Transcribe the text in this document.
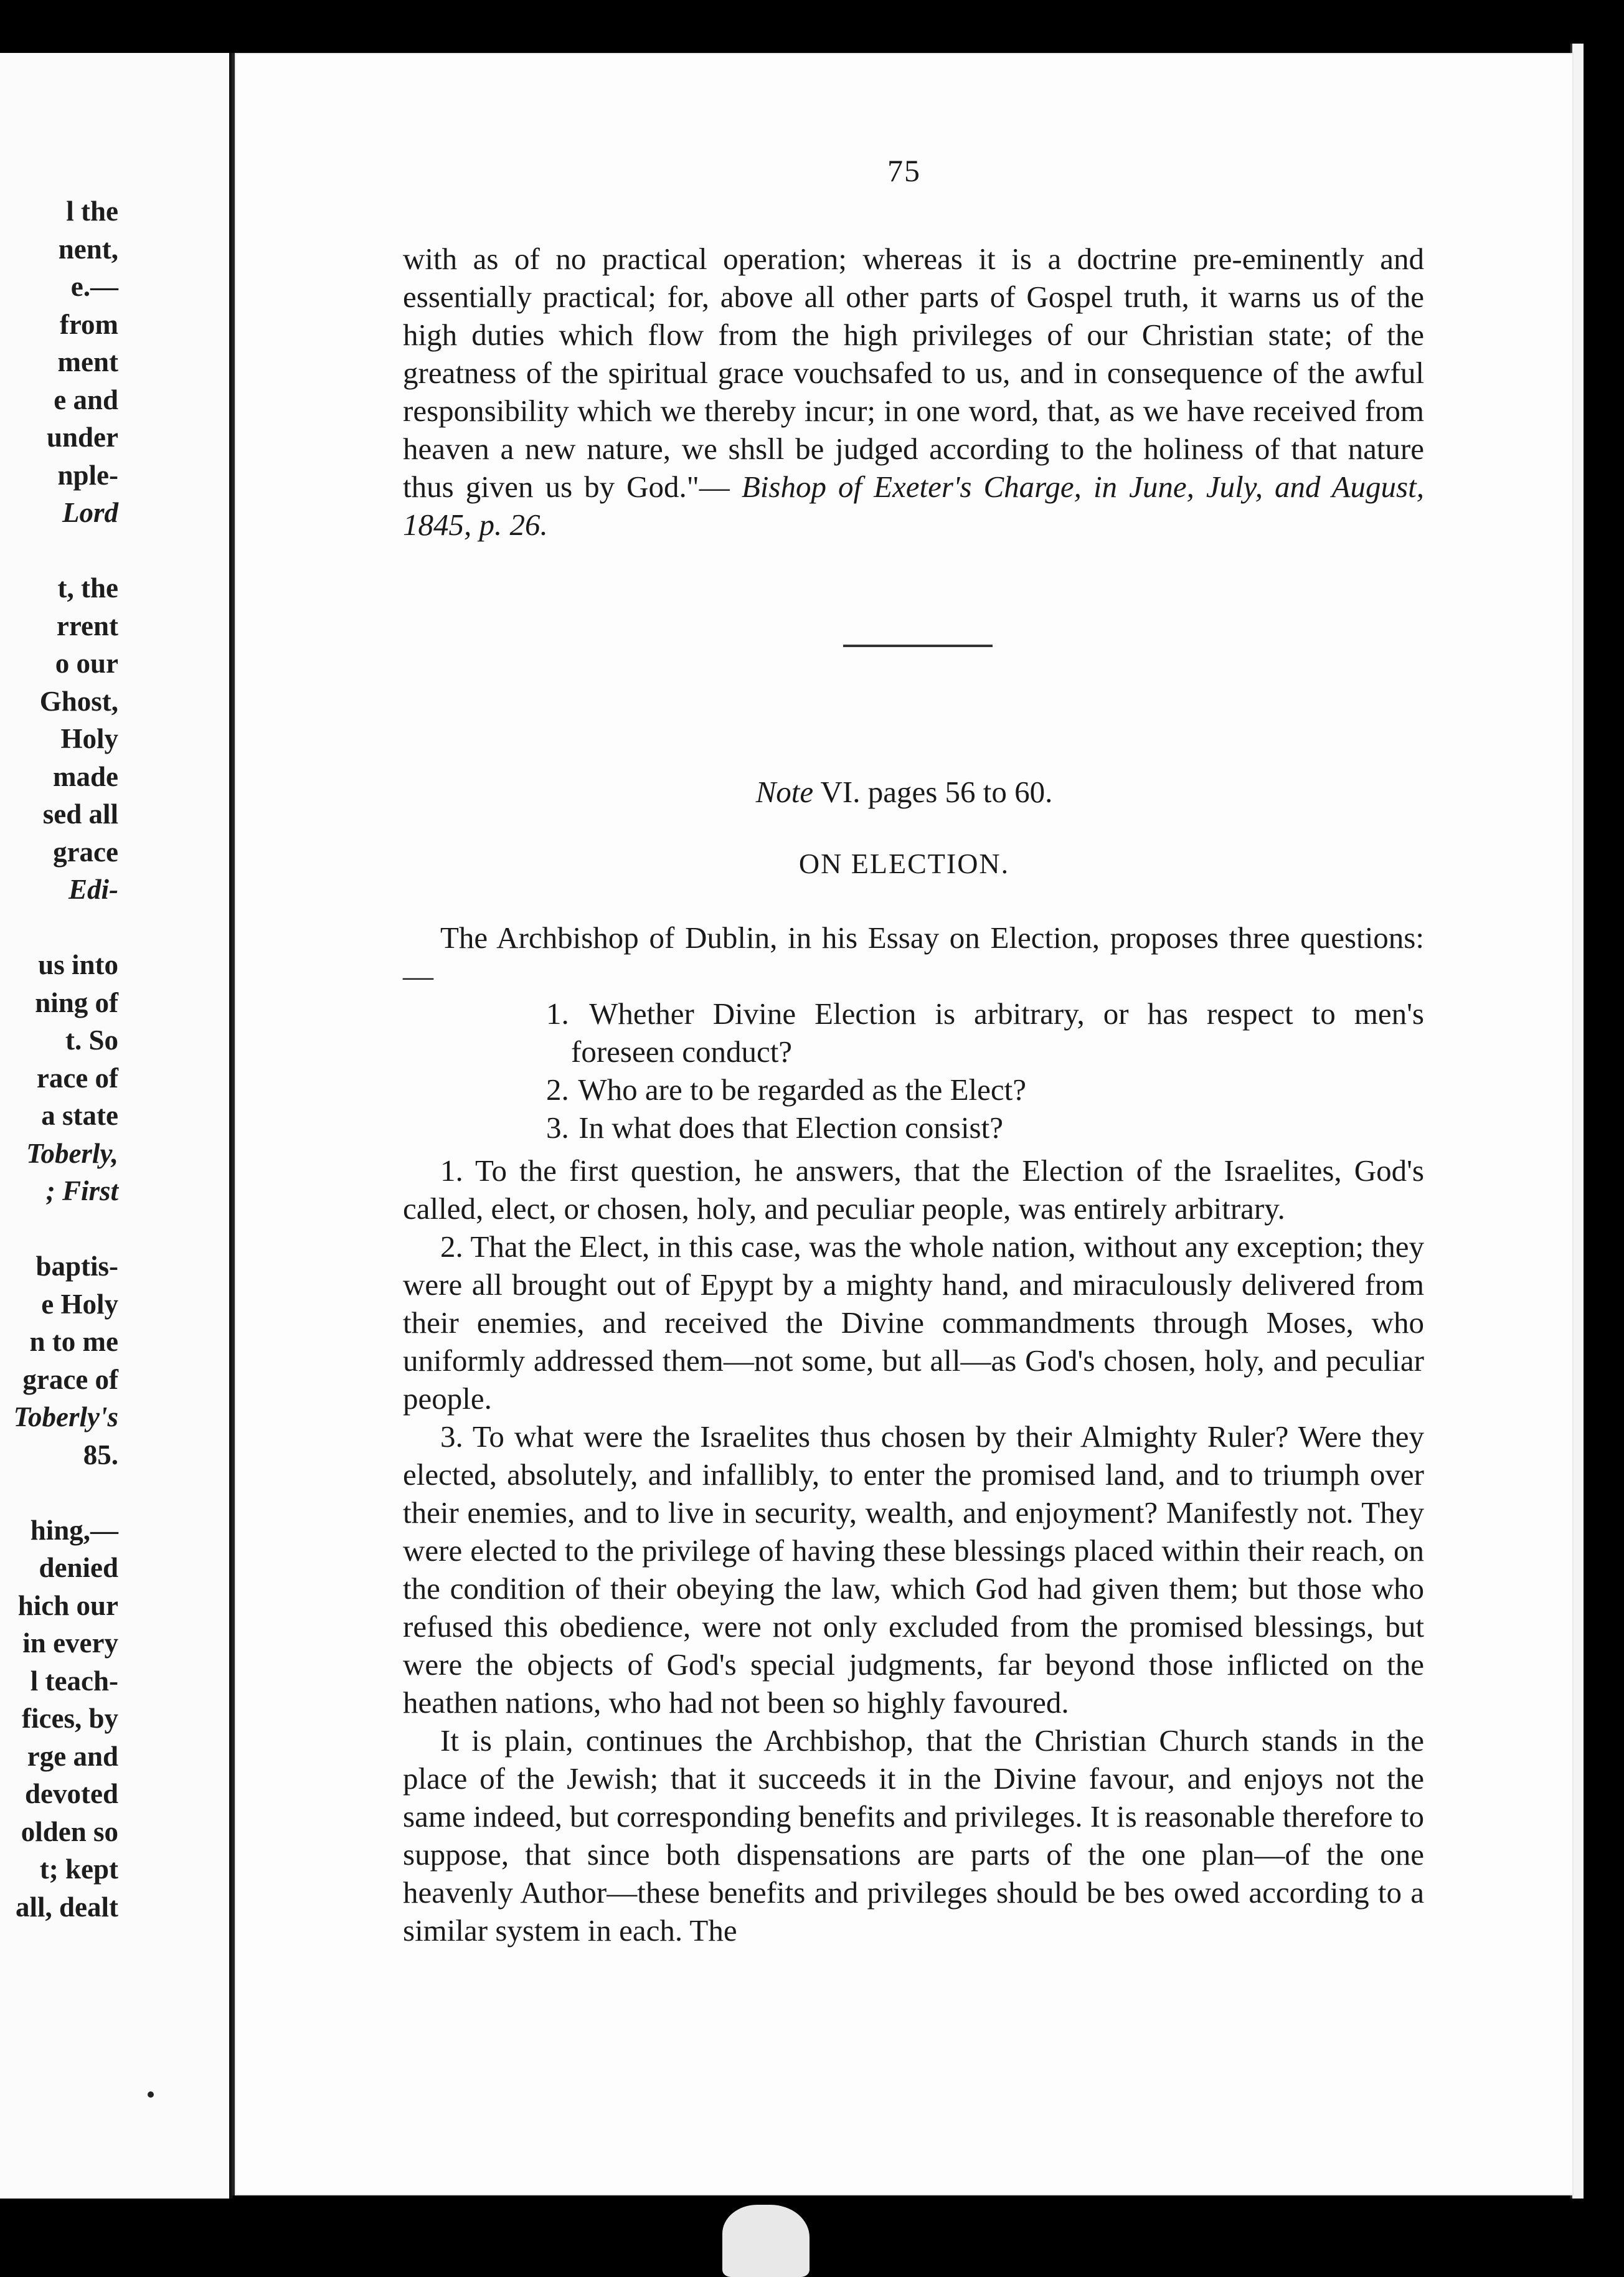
l the
nent,
e.—
from
ment
e and
under
nple-
Lord
t, the
rrent
o our
Ghost,
Holy
made
sed all
grace
Edi-
us into
ning of
t. So
race of
a state
Toberly,
; First
baptis-
e Holy
n to me
grace of
Toberly's
85.
hing,—
denied
hich our
in every
l teach-
fices, by
rge and
devoted
olden so
t; kept
all, dealt
75

with as of no practical operation; whereas it is a doctrine pre-eminently and essentially practical; for, above all other parts of Gospel truth, it warns us of the high duties which flow from the high privileges of our Christian state; of the greatness of the spiritual grace vouchsafed to us, and in consequence of the awful responsibility which we thereby incur; in one word, that, as we have received from heaven a new nature, we shsll be judged according to the holiness of that nature thus given us by God."— Bishop of Exeter's Charge, in June, July, and August, 1845, p. 26.

Note VI. pages 56 to 60.
ON ELECTION.

The Archbishop of Dublin, in his Essay on Election, proposes three questions:—

1. Whether Divine Election is arbitrary, or has respect to men's foreseen conduct?
2. Who are to be regarded as the Elect?
3. In what does that Election consist?

1. To the first question, he answers, that the Election of the Israelites, God's called, elect, or chosen, holy, and peculiar people, was entirely arbitrary.

2. That the Elect, in this case, was the whole nation, without any exception; they were all brought out of Epypt by a mighty hand, and miraculously delivered from their enemies, and received the Divine commandments through Moses, who uniformly addressed them—not some, but all—as God's chosen, holy, and peculiar people.

3. To what were the Israelites thus chosen by their Almighty Ruler? Were they elected, absolutely, and infallibly, to enter the promised land, and to triumph over their enemies, and to live in security, wealth, and enjoyment? Manifestly not. They were elected to the privilege of having these blessings placed within their reach, on the condition of their obeying the law, which God had given them; but those who refused this obedience, were not only excluded from the promised blessings, but were the objects of God's special judgments, far beyond those inflicted on the heathen nations, who had not been so highly favoured.

It is plain, continues the Archbishop, that the Christian Church stands in the place of the Jewish; that it succeeds it in the Divine favour, and enjoys not the same indeed, but corresponding benefits and privileges. It is reasonable therefore to suppose, that since both dispensations are parts of the one plan—of the one heavenly Author—these benefits and privileges should be bes owed according to a similar system in each. The
